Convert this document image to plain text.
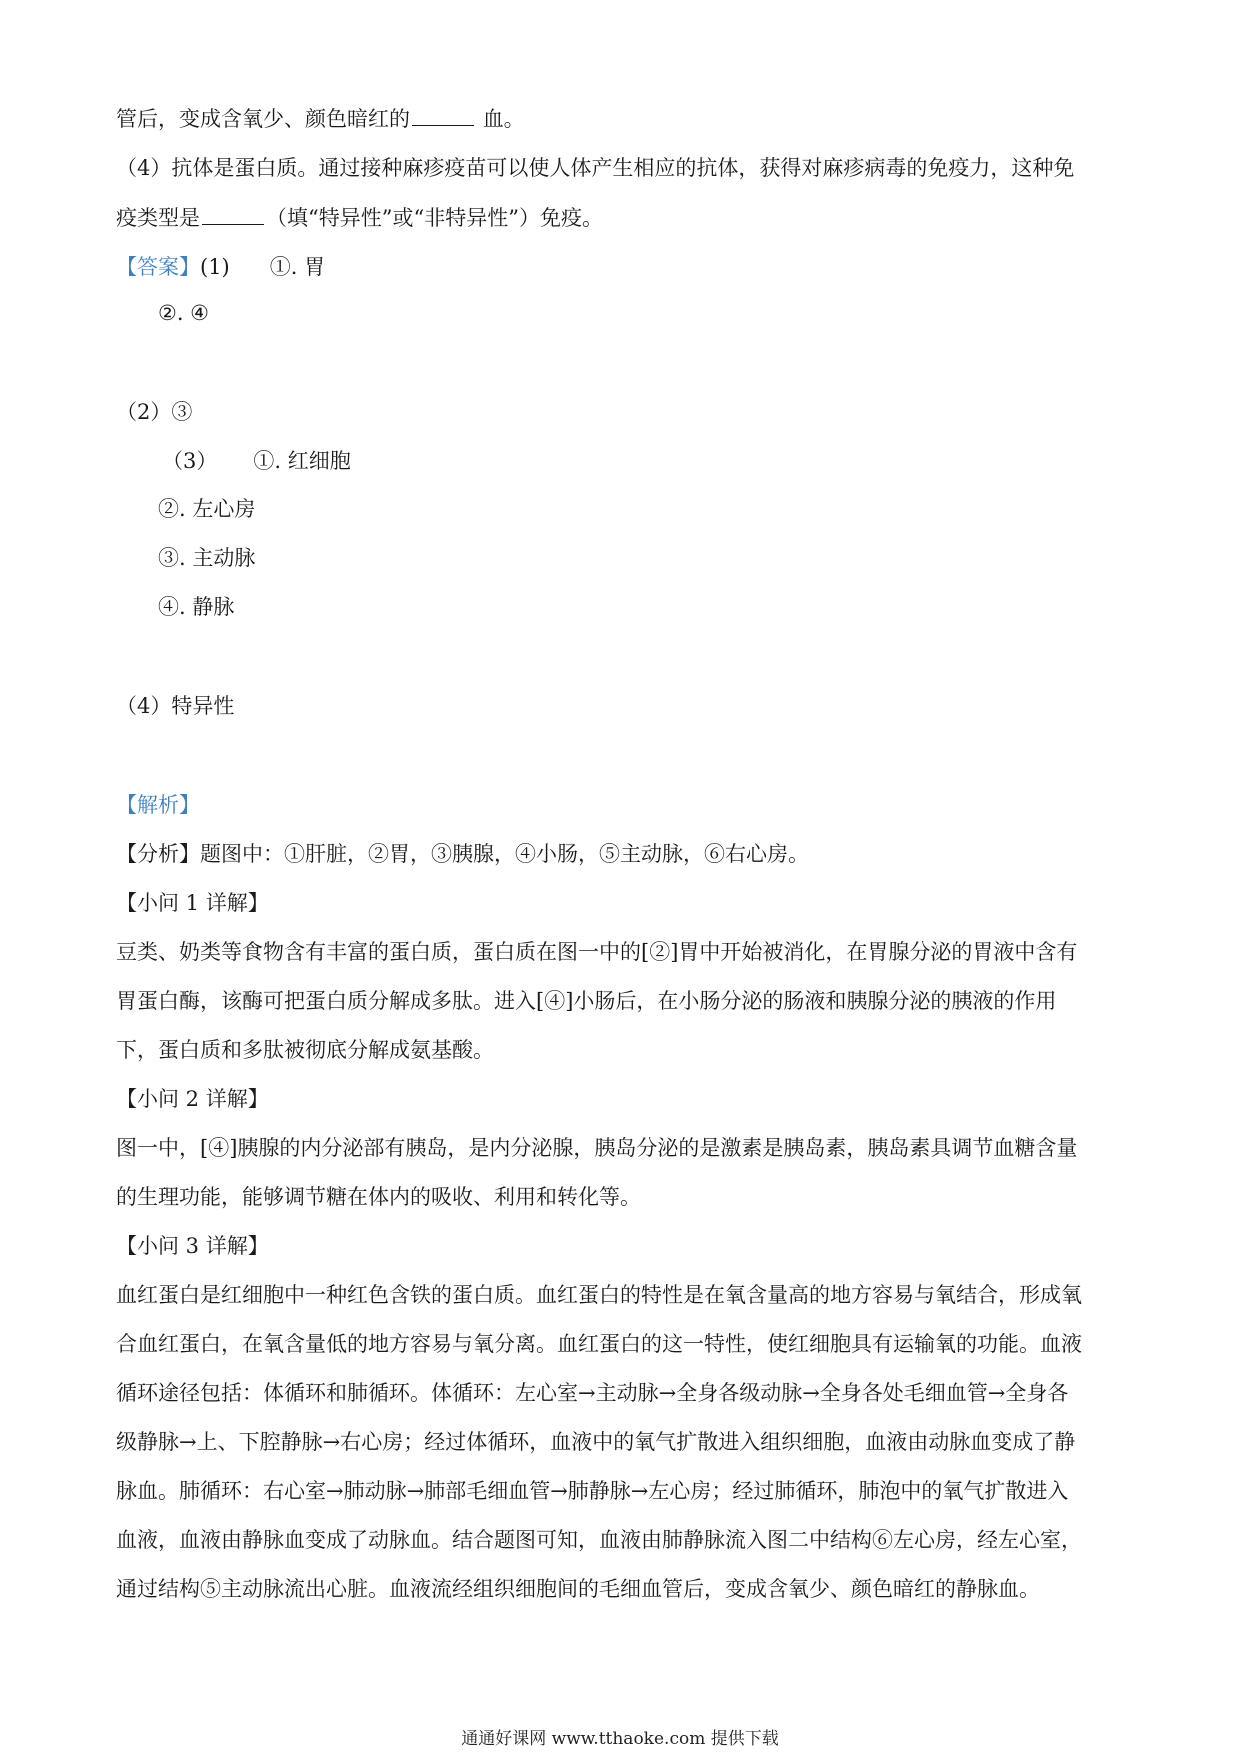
管后，变成含氧少、颜色暗红的	血。
（4）抗体是蛋白质。通过接种麻疹疫苗可以使人体产生相应的抗体，获得对麻疹病毒的免疫力，这种免
疫类型是	（填“特异性”或“非特异性”）免疫。
【答案】(1) ①. 胃
②. ④
（2）③
（3） ①. 红细胞
②. 左心房
③. 主动脉
④. 静脉
（4）特异性
【解析】
【分析】题图中：①肝脏，②胃，③胰腺，④小肠，⑤主动脉，⑥右心房。
【小问 1 详解】
豆类、奶类等食物含有丰富的蛋白质，蛋白质在图一中的[②]胃中开始被消化，在胃腺分泌的胃液中含有
胃蛋白酶，该酶可把蛋白质分解成多肽。进入[④]小肠后，在小肠分泌的肠液和胰腺分泌的胰液的作用
下，蛋白质和多肽被彻底分解成氨基酸。
【小问 2 详解】
图一中，[④]胰腺的内分泌部有胰岛，是内分泌腺，胰岛分泌的是激素是胰岛素，胰岛素具调节血糖含量
的生理功能，能够调节糖在体内的吸收、利用和转化等。
【小问 3 详解】
血红蛋白是红细胞中一种红色含铁的蛋白质。血红蛋白的特性是在氧含量高的地方容易与氧结合，形成氧
合血红蛋白，在氧含量低的地方容易与氧分离。血红蛋白的这一特性，使红细胞具有运输氧的功能。血液
循环途径包括：体循环和肺循环。体循环：左心室→主动脉→全身各级动脉→全身各处毛细血管→全身各
级静脉→上、下腔静脉→右心房；经过体循环，血液中的氧气扩散进入组织细胞，血液由动脉血变成了静
脉血。肺循环：右心室→肺动脉→肺部毛细血管→肺静脉→左心房；经过肺循环，肺泡中的氧气扩散进入
血液，血液由静脉血变成了动脉血。结合题图可知，血液由肺静脉流入图二中结构⑥左心房，经左心室，
通过结构⑤主动脉流出心脏。血液流经组织细胞间的毛细血管后，变成含氧少、颜色暗红的静脉血。
通通好课网 www.tthaoke.com 提供下载
